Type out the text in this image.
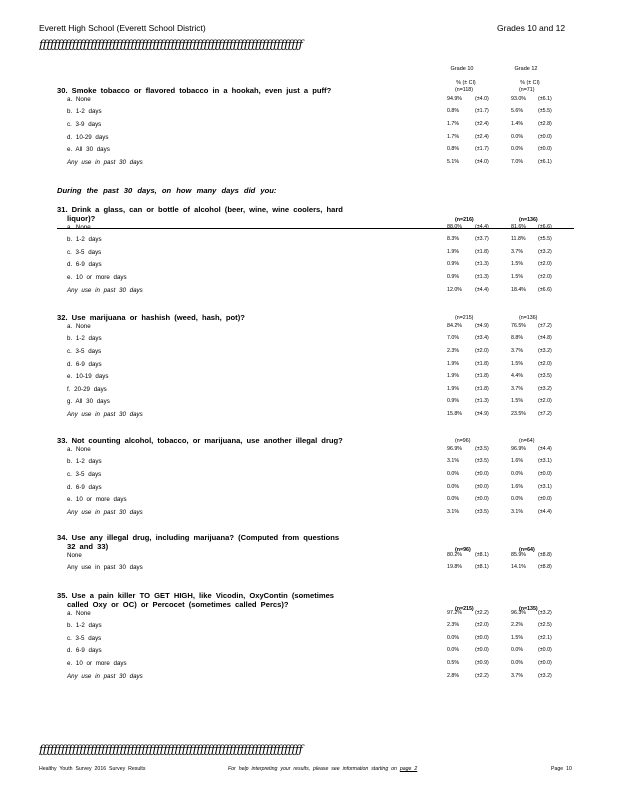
Everett High School (Everett School District)	Grades 10 and 12
ƒƒƒƒƒƒƒƒƒƒƒƒƒƒƒƒƒƒƒƒƒƒƒƒƒƒƒƒƒƒƒƒƒƒƒƒƒƒƒƒƒƒƒƒƒƒƒƒƒƒƒƒƒƒƒƒƒƒƒƒƒƒƒƒƒƒƒƒƒƒƒƒ
Grade 10	Grade 12
% (± CI)	% (± CI)
(n=118)	(n=71)
30. Smoke tobacco or flavored tobacco in a hookah, even just a puff?
a. None	94.9% (±4.0)	93.0% (±6.1)
b. 1-2 days	0.8%	(±1.7)	5.6%	(±5.5)
c. 3-9 days	1.7%	(±2.4)	1.4%	(±2.8)
d. 10-29 days	1.7%	(±2.4)	0.0%	(±0.0)
e. All 30 days	0.8%	(±1.7)	0.0%	(±0.0)
Any use in past 30 days	5.1%	(±4.0)	7.0%	(±6.1)
During the past 30 days, on how many days did you:
31. Drink a glass, can or bottle of alcohol (beer, wine, wine coolers, hard
liquor)?	(n=216)	(n=136)
a. None	88.0% (±4.4)	81.6% (±6.6)
b. 1-2 days	8.3%	(±3.7)	11.8% (±5.5)
c. 3-5 days	1.9%	(±1.8)	3.7%	(±3.2)
d. 6-9 days	0.9%	(±1.3)	1.5%	(±2.0)
e. 10 or more days	0.9%	(±1.3)	1.5%	(±2.0)
Any use in past 30 days	12.0% (±4.4)	18.4% (±6.6)
(n=215)	(n=136)
32. Use marijuana or hashish (weed, hash, pot)?
a. None	84.2% (±4.9)	76.5% (±7.2)
b. 1-2 days	7.0%	(±3.4)	8.8%	(±4.8)
c. 3-5 days	2.3%	(±2.0)	3.7%	(±3.2)
d. 6-9 days	1.9%	(±1.8)	1.5%	(±2.0)
e. 10-19 days	1.9%	(±1.8)	4.4%	(±3.5)
f. 20-29 days	1.9%	(±1.8)	3.7%	(±3.2)
g. All 30 days	0.9%	(±1.3)	1.5%	(±2.0)
Any use in past 30 days	15.8% (±4.9)	23.5% (±7.2)
(n=96)	(n=64)
33. Not counting alcohol, tobacco, or marijuana, use another illegal drug?
a. None	96.9% (±3.5)	96.9% (±4.4)
b. 1-2 days	3.1%	(±3.5)	1.6%	(±3.1)
c. 3-5 days	0.0%	(±0.0)	0.0%	(±0.0)
d. 6-9 days	0.0%	(±0.0)	1.6%	(±3.1)
e. 10 or more days	0.0%	(±0.0)	0.0%	(±0.0)
Any use in past 30 days	3.1%	(±3.5)	3.1%	(±4.4)
34. Use any illegal drug, including marijuana? (Computed from questions
32 and 33)	(n=96)	(n=64)
None	80.2% (±8.1)	85.9% (±8.8)
Any use in past 30 days	19.8% (±8.1)	14.1% (±8.8)
35. Use a pain killer TO GET HIGH, like Vicodin, OxyContin (sometimes
called Oxy or OC) or Percocet (sometimes called Percs)?	(n=215)	(n=135)
a. None	97.2% (±2.2)	96.3% (±3.2)
b. 1-2 days	2.3%	(±2.0)	2.2%	(±2.5)
c. 3-5 days	0.0%	(±0.0)	1.5%	(±2.1)
d. 6-9 days	0.0%	(±0.0)	0.0%	(±0.0)
e. 10 or more days	0.5%	(±0.9)	0.0%	(±0.0)
Any use in past 30 days	2.8%	(±2.2)	3.7%	(±3.2)
ƒƒƒƒƒƒƒƒƒƒƒƒƒƒƒƒƒƒƒƒƒƒƒƒƒƒƒƒƒƒƒƒƒƒƒƒƒƒƒƒƒƒƒƒƒƒƒƒƒƒƒƒƒƒƒƒƒƒƒƒƒƒƒƒƒƒƒƒƒƒƒƒ
Healthy Youth Survey 2016 Survey Results	For help interpreting your results, please see information starting on page 2	Page 10
